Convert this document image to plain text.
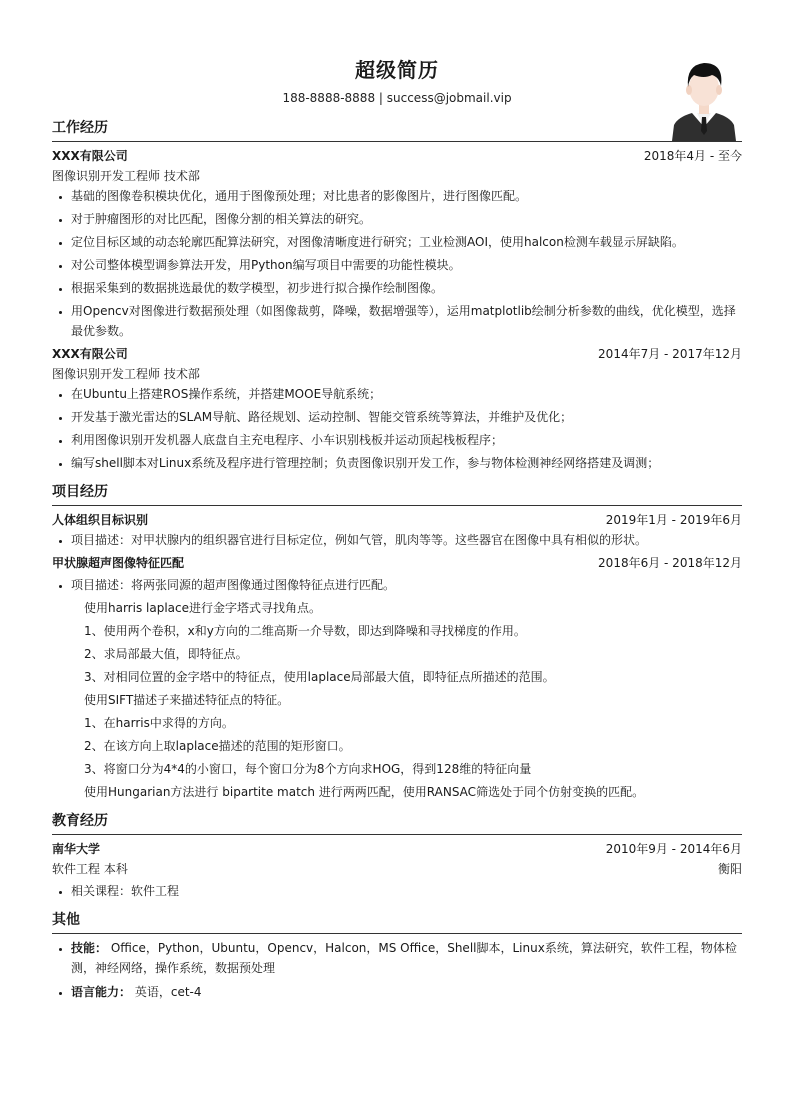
超级简历
188-8888-8888 | success@jobmail.vip
工作经历
XXX有限公司	2018年4月 - 至今
图像识别开发工程师 技术部
• 基础的图像卷积模块优化，通用于图像预处理；对比患者的影像图片，进行图像匹配。
• 对于肿瘤图形的对比匹配，图像分割的相关算法的研究。
• 定位目标区域的动态轮廓匹配算法研究，对图像清晰度进行研究；工业检测AOI，使用halcon检测车载显示屏缺陷。
• 对公司整体模型调参算法开发，用Python编写项目中需要的功能性模块。
• 根据采集到的数据挑选最优的数学模型，初步进行拟合操作绘制图像。
• 用Opencv对图像进行数据预处理（如图像裁剪，降噪，数据增强等），运用matplotlib绘制分析参数的曲线，优化模型，选择最优参数。
XXX有限公司	2014年7月 - 2017年12月
图像识别开发工程师 技术部
• 在Ubuntu上搭建ROS操作系统，并搭建MOOE导航系统；
• 开发基于激光雷达的SLAM导航、路径规划、运动控制、智能交管系统等算法，并维护及优化；
• 利用图像识别开发机器人底盘自主充电程序、小车识别栈板并运动顶起栈板程序；
• 编写shell脚本对Linux系统及程序进行管理控制；负责图像识别开发工作，参与物体检测神经网络搭建及调测；
项目经历
人体组织目标识别	2019年1月 - 2019年6月
• 项目描述：对甲状腺内的组织器官进行目标定位，例如气管，肌肉等等。这些器官在图像中具有相似的形状。
甲状腺超声图像特征匹配	2018年6月 - 2018年12月
• 项目描述：将两张同源的超声图像通过图像特征点进行匹配。
使用harris laplace进行金字塔式寻找角点。
1、使用两个卷积，x和y方向的二维高斯一介导数，即达到降噪和寻找梯度的作用。
2、求局部最大值，即特征点。
3、对相同位置的金字塔中的特征点，使用laplace局部最大值，即特征点所描述的范围。
使用SIFT描述子来描述特征点的特征。
1、在harris中求得的方向。
2、在该方向上取laplace描述的范围的矩形窗口。
3、将窗口分为4*4的小窗口，每个窗口分为8个方向求HOG，得到128维的特征向量
使用Hungarian方法进行 bipartite match 进行两两匹配，使用RANSAC筛选处于同个仿射变换的匹配。
教育经历
南华大学	2010年9月 - 2014年6月
软件工程 本科	衡阳
• 相关课程：软件工程
其他
• 技能： Office，Python，Ubuntu，Opencv，Halcon，MS Office，Shell脚本，Linux系统，算法研究，软件工程，物体检测，神经网络，操作系统，数据预处理
• 语言能力： 英语，cet-4
